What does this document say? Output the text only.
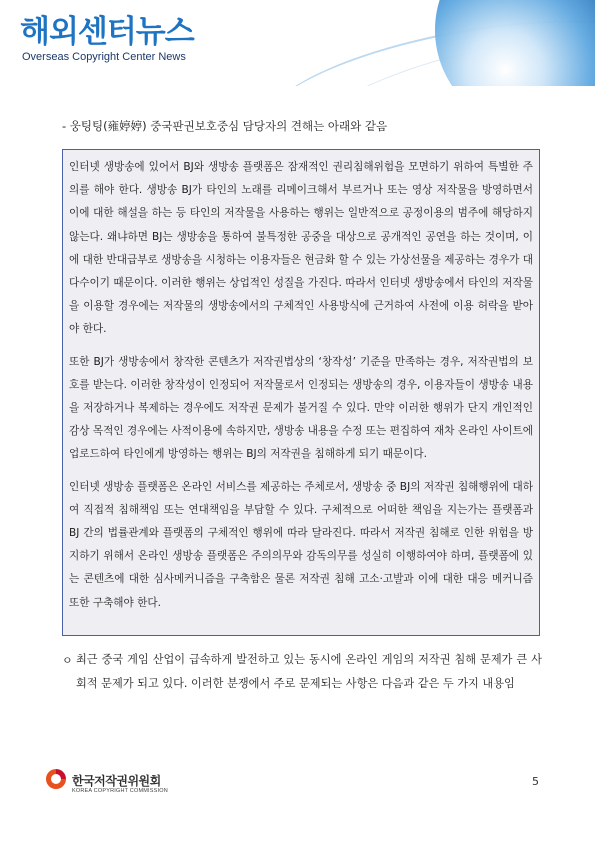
해외센터뉴스
Overseas Copyright Center News
- 웅팅팅(雍婷婷) 중국판권보호중심 담당자의 견해는 아래와 같음

인터넷 생방송에 있어서 BJ와 생방송 플랫폼은 잠재적인 권리침해위험을 모면하기 위하여 특별한 주의를 해야 한다. 생방송 BJ가 타인의 노래를 리메이크해서 부르거나 또는 영상 저작물을 방영하면서 이에 대한 해설을 하는 등 타인의 저작물을 사용하는 행위는 일반적으로 공정이용의 범주에 해당하지 않는다. 왜냐하면 BJ는 생방송을 통하여 불특정한 공중을 대상으로 공개적인 공연을 하는 것이며, 이에 대한 반대급부로 생방송을 시청하는 이용자들은 현금화 할 수 있는 가상선물을 제공하는 경우가 대다수이기 때문이다. 이러한 행위는 상업적인 성질을 가진다. 따라서 인터넷 생방송에서 타인의 저작물을 이용할 경우에는 저작물의 생방송에서의 구체적인 사용방식에 근거하여 사전에 이용 허락을 받아야 한다.

또한 BJ가 생방송에서 창작한 콘텐츠가 저작권법상의 ‘창작성’ 기준을 만족하는 경우, 저작권법의 보호를 받는다. 이러한 창작성이 인정되어 저작물로서 인정되는 생방송의 경우, 이용자들이 생방송 내용을 저장하거나 복제하는 경우에도 저작권 문제가 불거질 수 있다. 만약 이러한 행위가 단지 개인적인 감상 목적인 경우에는 사적이용에 속하지만, 생방송 내용을 수정 또는 편집하여 재차 온라인 사이트에 업로드하여 타인에게 방영하는 행위는 BJ의 저작권을 침해하게 되기 때문이다.

인터넷 생방송 플랫폼은 온라인 서비스를 제공하는 주체로서, 생방송 중 BJ의 저작권 침해행위에 대하여 직접적 침해책임 또는 연대책임을 부담할 수 있다. 구체적으로 어떠한 책임을 지는가는 플랫폼과 BJ 간의 법률관계와 플랫폼의 구체적인 행위에 따라 달라진다. 따라서 저작권 침해로 인한 위험을 방지하기 위해서 온라인 생방송 플랫폼은 주의의무와 감독의무를 성실히 이행하여야 하며, 플랫폼에 있는 콘텐츠에 대한 심사메커니즘을 구축함은 물론 저작권 침해 고소·고발과 이에 대한 대응 메커니즘 또한 구축해야 한다.

ㅇ 최근 중국 게임 산업이 급속하게 발전하고 있는 동시에 온라인 게임의 저작권 침해 문제가 큰 사회적 문제가 되고 있다. 이러한 분쟁에서 주로 문제되는 사항은 다음과 같은 두 가지 내용임
한국저작권위원회
KOREA COPYRIGHT COMMISSION
5
